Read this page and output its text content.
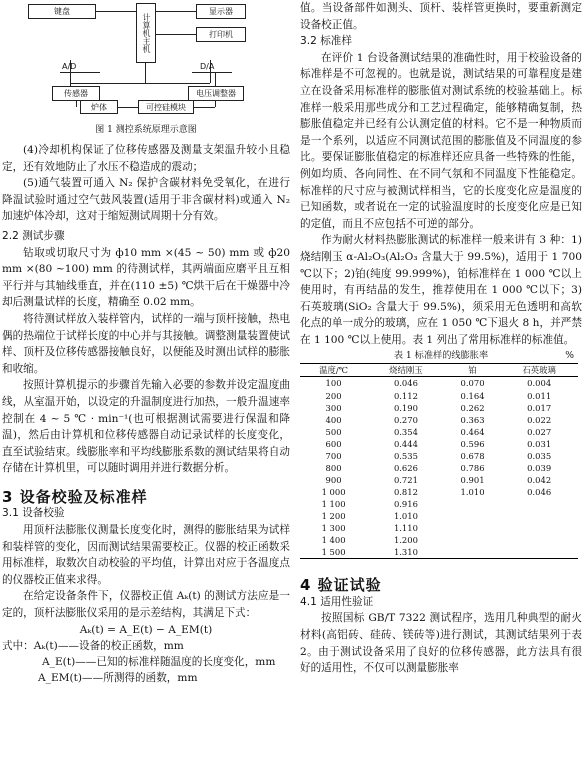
键盘
计算机主机
显示器
打印机
A/D	D/A
传感器	电压调整器
炉体	可控硅模块
图 1 测控系统原理示意图

(4)冷却机构保证了位移传感器及测量支架温升较小且稳定，还有效地防止了水压不稳造成的震动；

(5)通气装置可通入 N₂ 保护含碳材料免受氧化，在进行降温试验时通过空气鼓风装置(适用于非含碳材料)或通入 N₂ 加速炉体冷却，这对于缩短测试周期十分有效。

2.2 测试步骤

钻取或切取尺寸为 ф10 mm ×(45 ~ 50) mm 或 ф20 mm ×(80 ~100) mm 的待测试样，其两端面应磨平且互相平行并与其轴线垂直，并在(110 ±5) ℃烘干后在干燥器中冷却后测量试样的长度，精确至 0.02 mm。

将待测试样放入装样管内，试样的一端与顶杆接触，热电偶的热端位于试样长度的中心并与其接触。调整测量装置使试样、顶杆及位移传感器接触良好，以便能及时测出试样的膨胀和收缩。

按照计算机提示的步骤首先输入必要的参数并设定温度曲线，从室温开始，以设定的升温制度进行加热，一般升温速率控制在 4 ~ 5 ℃ · min⁻¹(也可根据测试需要进行保温和降温)，然后由计算机和位移传感器自动记录试样的长度变化，直至试验结束。线膨胀率和平均线膨胀系数的测试结果将自动存储在计算机里，可以随时调用并进行数据分析。

3 设备校验及标准样

3.1 设备校验

用顶杆法膨胀仪测量长度变化时，测得的膨胀结果为试样和装样管的变化，因而测试结果需要校正。仪器的校正函数采用标准样，取数次自动校验的平均值，计算出对应于各温度点的仪器校正值来求得。

在给定设备条件下，仪器校正值 Aₖ(t) 的测试方法应是一定的，顶杆法膨胀仪采用的是示差结构，其满足下式：

Aₖ(t) = A_E(t) − A_EM(t)

式中：Aₖ(t)——设备的校正函数，mm

A_E(t)——已知的标准样随温度的长度变化，mm

A_EM(t)——所测得的函数，mm

值。当设备部件如测头、顶杆、装样管更换时，要重新测定设备校正值。

3.2 标准样

在评价 1 台设备测试结果的准确性时，用于校验设备的标准样是不可忽视的。也就是说，测试结果的可靠程度是建立在设备采用标准样的膨胀值对测试系统的校验基础上。标准样一般采用那些成分和工艺过程确定，能够精确复制，热膨胀值稳定并已经有公认测定值的材料。它不是一种物质而是一个系列，以适应不同测试范围的膨胀值及不同温度的参比。要保证膨胀值稳定的标准样还应具备一些特殊的性能，例如均质、各向同性、在不同气氛和不同温度下性能稳定。标准样的尺寸应与被测试样相当，它的长度变化应是温度的已知函数，或者说在一定的试验温度时的长度变化应是已知的定值，而且不应包括不可逆的部分。

作为耐火材料热膨胀测试的标准样一般来讲有 3 种：1)烧结刚玉 α-Al₂O₃(Al₂O₃ 含量大于 99.5%)，适用于 1 700 ℃以下；2)铂(纯度 99.999%)，铂标准样在 1 000 ℃以上使用时，有再结晶的发生，推荐使用在 1 000 ℃以下；3)石英玻璃(SiO₂ 含量大于 99.5%)，须采用无色透明和高软化点的单一成分的玻璃，应在 1 050 ℃下退火 8 h，并严禁在 1 100 ℃以上使用。表 1 列出了常用标准样的标准值。

表 1 标准样的线膨胀率	%
温度/℃	烧结刚玉	铂	石英玻璃
100	0.046	0.070	0.004
200	0.112	0.164	0.011
300	0.190	0.262	0.017
400	0.270	0.363	0.022
500	0.354	0.464	0.027
600	0.444	0.596	0.031
700	0.535	0.678	0.035
800	0.626	0.786	0.039
900	0.721	0.901	0.042
1 000	0.812	1.010	0.046
1 100	0.916		
1 200	1.010		
1 300	1.110		
1 400	1.200		
1 500	1.310		

4 验证试验

4.1 适用性验证

按照国标 GB/T 7322 测试程序，选用几种典型的耐火材料(高铝砖、硅砖、镁砖等)进行测试，其测试结果列于表 2。由于测试设备采用了良好的位移传感器，此方法具有很好的适用性，不仅可以测量膨胀率
